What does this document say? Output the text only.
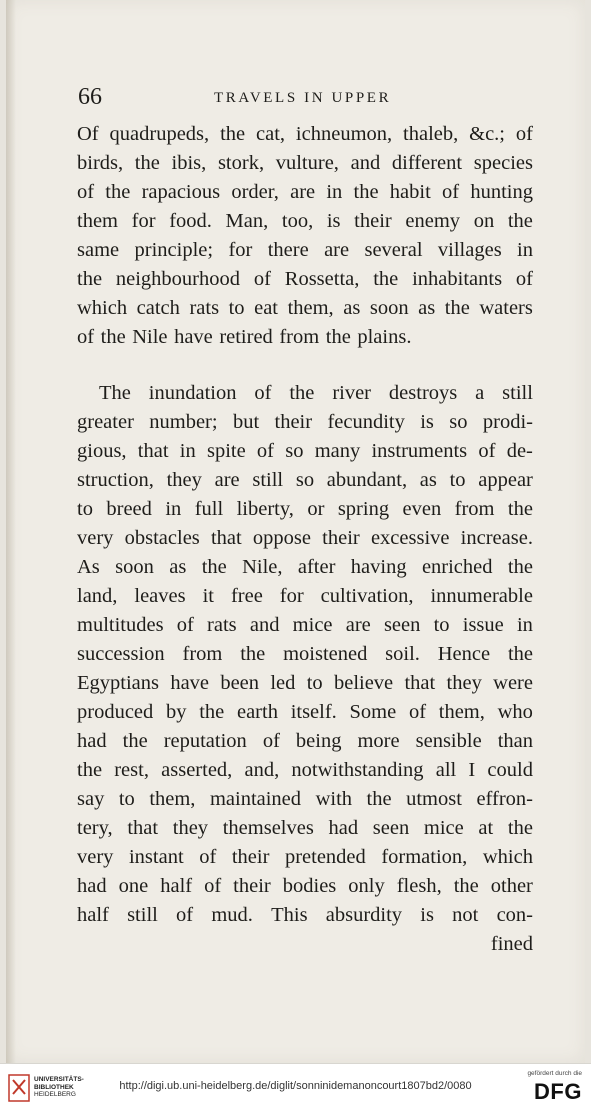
66	TRAVELS IN UPPER
Of quadrupeds, the cat, ichneumon, thaleb, &c.; of
birds, the ibis, stork, vulture, and different species
of the rapacious order, are in the habit of hunting
them for food. Man, too, is their enemy on the
same principle; for there are several villages in
the neighbourhood of Rossetta, the inhabitants of
which catch rats to eat them, as soon as the waters
of the Nile have retired from the plains.
The inundation of the river destroys a still
greater number; but their fecundity is so prodi-
gious, that in spite of so many instruments of de-
struction, they are still so abundant, as to appear
to breed in full liberty, or spring even from the
very obstacles that oppose their excessive increase.
As soon as the Nile, after having enriched the
land, leaves it free for cultivation, innumerable
multitudes of rats and mice are seen to issue in
succession from the moistened soil. Hence the
Egyptians have been led to believe that they were
produced by the earth itself. Some of them, who
had the reputation of being more sensible than
the rest, asserted, and, notwithstanding all I could
say to them, maintained with the utmost effron-
tery, that they themselves had seen mice at the
very instant of their pretended formation, which
had one half of their bodies only flesh, the other
half still of mud. This absurdity is not con-
fined
UNIVERSITÄTS-
BIBLIOTHEK
HEIDELBERG
http://digi.ub.uni-heidelberg.de/diglit/sonninidemanoncourt1807bd2/0080
gefördert durch die
DFG
